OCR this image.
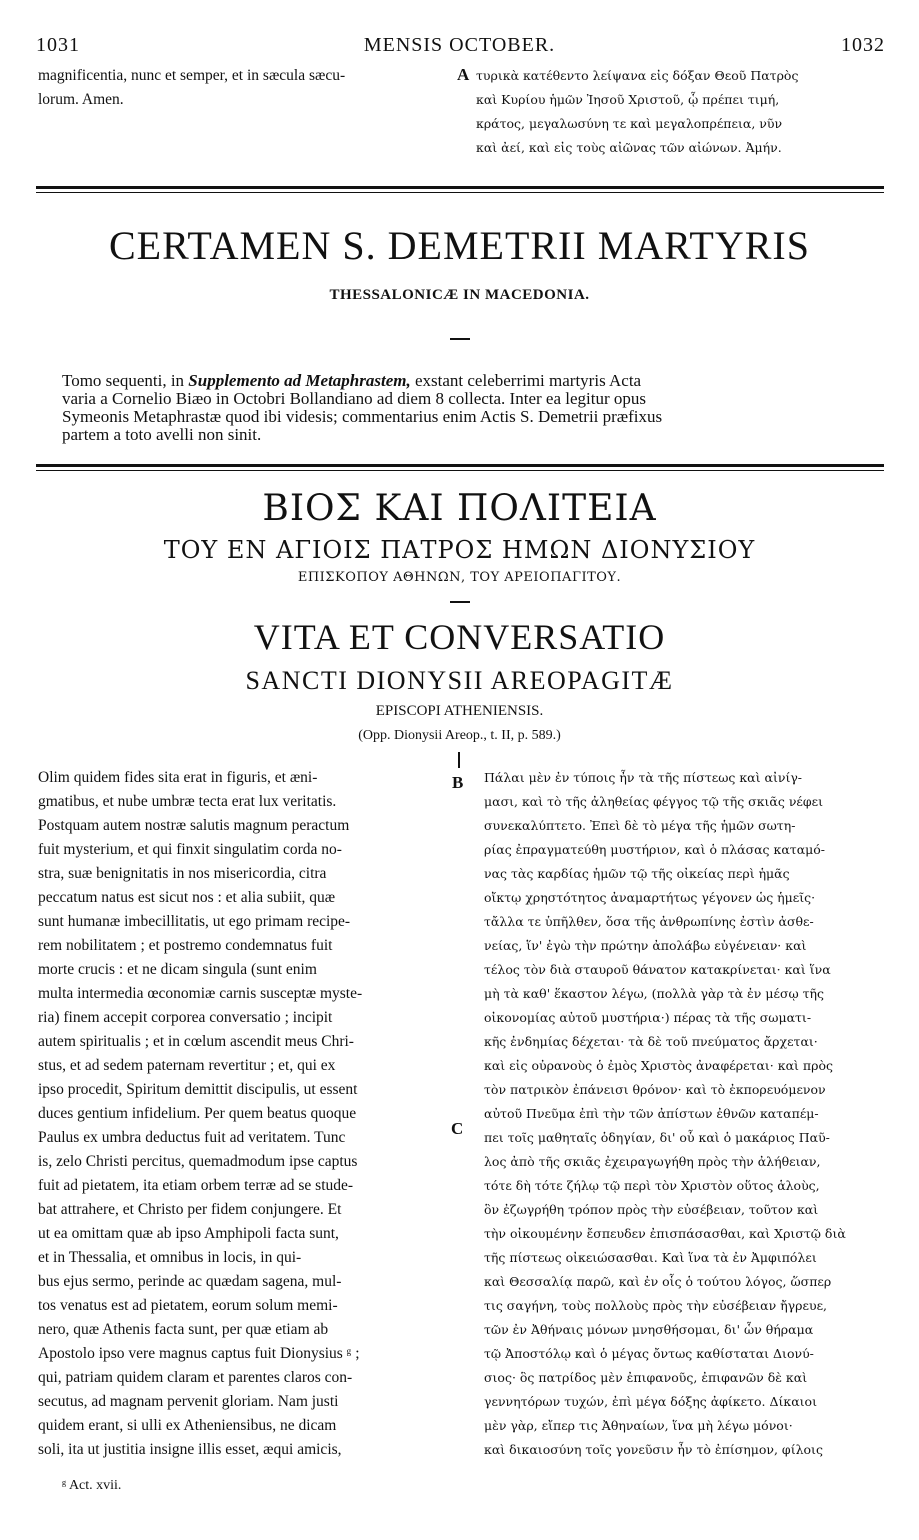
1031	MENSIS OCTOBER.	1032
magnificentia, nunc et semper, et in sæcula sæcu-
lorum. Amen.
A τυρικὰ κατέθεντο λείψανα εἰς δόξαν Θεοῦ Πατρὸς
καὶ Κυρίου ἡμῶν Ἰησοῦ Χριστοῦ, ᾧ πρέπει τιμή,
κράτος, μεγαλωσύνη τε καὶ μεγαλοπρέπεια, νῦν
καὶ ἀεί, καὶ εἰς τοὺς αἰῶνας τῶν αἰώνων. Ἀμήν.
CERTAMEN S. DEMETRII MARTYRIS
THESSALONICÆ IN MACEDONIA.
Tomo sequenti, in Supplemento ad Metaphrastem, exstant celeberrimi martyris Acta
varia a Cornelio Biæo in Octobri Bollandiano ad diem 8 collecta. Inter ea legitur opus
Symeonis Metaphrastæ quod ibi videsis; commentarius enim Actis S. Demetrii præfixus
partem a toto avelli non sinit.
ΒΙΟΣ ΚΑΙ ΠΟΛΙΤΕΙΑ
ΤΟΥ ΕΝ ΑΓΙΟΙΣ ΠΑΤΡΟΣ ΗΜΩΝ ΔΙΟΝΥΣΙΟΥ
ΕΠΙΣΚΟΠΟΥ ΑΘΗΝΩΝ, ΤΟΥ ΑΡΕΙΟΠΑΓΙΤΟΥ.
VITA ET CONVERSATIO
SANCTI DIONYSII AREOPAGITÆ
EPISCOPI ATHENIENSIS.
(Opp. Dionysii Areop., t. II, p. 589.)
B
C
Olim quidem fides sita erat in figuris, et æni-
gmatibus, et nube umbræ tecta erat lux veritatis.
Postquam autem nostræ salutis magnum peractum
fuit mysterium, et qui finxit singulatim corda no-
stra, suæ benignitatis in nos misericordia, citra
peccatum natus est sicut nos : et alia subiit, quæ
sunt humanæ imbecillitatis, ut ego primam recipe-
rem nobilitatem ; et postremo condemnatus fuit
morte crucis : et ne dicam singula (sunt enim
multa intermedia œconomiæ carnis susceptæ myste-
ria) finem accepit corporea conversatio ; incipit
autem spiritualis ; et in cœlum ascendit meus Chri-
stus, et ad sedem paternam revertitur ; et, qui ex
ipso procedit, Spiritum demittit discipulis, ut essent
duces gentium infidelium. Per quem beatus quoque
Paulus ex umbra deductus fuit ad veritatem. Tunc
is, zelo Christi percitus, quemadmodum ipse captus
fuit ad pietatem, ita etiam orbem terræ ad se stude-
bat attrahere, et Christo per fidem conjungere. Et
ut ea omittam quæ ab ipso Amphipoli facta sunt,
et in Thessalia, et omnibus in locis, in qui-
bus ejus sermo, perinde ac quædam sagena, mul-
tos venatus est ad pietatem, eorum solum memi-
nero, quæ Athenis facta sunt, per quæ etiam ab
Apostolo ipso vere magnus captus fuit Dionysius ᵍ ;
qui, patriam quidem claram et parentes claros con-
secutus, ad magnam pervenit gloriam. Nam justi
quidem erant, si ulli ex Atheniensibus, ne dicam
soli, ita ut justitia insigne illis esset, æqui amicis,
Πάλαι μὲν ἐν τύποις ἦν τὰ τῆς πίστεως καὶ αἰνίγ-
μασι, καὶ τὸ τῆς ἀληθείας φέγγος τῷ τῆς σκιᾶς νέφει
συνεκαλύπτετο. Ἐπεὶ δὲ τὸ μέγα τῆς ἡμῶν σωτη-
ρίας ἐπραγματεύθη μυστήριον, καὶ ὁ πλάσας καταμό-
νας τὰς καρδίας ἡμῶν τῷ τῆς οἰκείας περὶ ἡμᾶς
οἴκτῳ χρηστότητος ἀναμαρτήτως γέγονεν ὡς ἡμεῖς·
τἄλλα τε ὑπῆλθεν, ὅσα τῆς ἀνθρωπίνης ἐστὶν ἀσθε-
νείας, ἵν' ἐγὼ τὴν πρώτην ἀπολάβω εὐγένειαν· καὶ
τέλος τὸν διὰ σταυροῦ θάνατον κατακρίνεται· καὶ ἵνα
μὴ τὰ καθ' ἕκαστον λέγω, (πολλὰ γὰρ τὰ ἐν μέσῳ τῆς
οἰκονομίας αὐτοῦ μυστήρια·) πέρας τὰ τῆς σωματι-
κῆς ἐνδημίας δέχεται· τὰ δὲ τοῦ πνεύματος ἄρχεται·
καὶ εἰς οὐρανοὺς ὁ ἐμὸς Χριστὸς ἀναφέρεται· καὶ πρὸς
τὸν πατρικὸν ἐπάνεισι θρόνον· καὶ τὸ ἐκπορευόμενον
αὐτοῦ Πνεῦμα ἐπὶ τὴν τῶν ἀπίστων ἐθνῶν καταπέμ-
πει τοῖς μαθηταῖς ὁδηγίαν, δι' οὗ καὶ ὁ μακάριος Παῦ-
λος ἀπὸ τῆς σκιᾶς ἐχειραγωγήθη πρὸς τὴν ἀλήθειαν,
τότε δὴ τότε ζήλῳ τῷ περὶ τὸν Χριστὸν οὕτος ἁλοὺς,
ὃν ἐζωγρήθη τρόπον πρὸς τὴν εὐσέβειαν, τοῦτον καὶ
τὴν οἰκουμένην ἔσπευδεν ἐπισπάσασθαι, καὶ Χριστῷ διὰ
τῆς πίστεως οἰκειώσασθαι. Καὶ ἵνα τὰ ἐν Ἀμφιπόλει
καὶ Θεσσαλίᾳ παρῶ, καὶ ἐν οἷς ὁ τούτου λόγος, ὥσπερ
τις σαγήνη, τοὺς πολλοὺς πρὸς τὴν εὐσέβειαν ἤγρευε,
τῶν ἐν Ἀθήναις μόνων μνησθήσομαι, δι' ὧν θήραμα
τῷ Ἀποστόλῳ καὶ ὁ μέγας ὄντως καθίσταται Διονύ-
σιος· ὃς πατρίδος μὲν ἐπιφανοῦς, ἐπιφανῶν δὲ καὶ
γεννητόρων τυχών, ἐπὶ μέγα δόξης ἀφίκετο. Δίκαιοι
μὲν γὰρ, εἴπερ τις Ἀθηναίων, ἵνα μὴ λέγω μόνοι·
καὶ δικαιοσύνη τοῖς γονεῦσιν ἦν τὸ ἐπίσημον, φίλοις
ᵍ Act. xvii.
